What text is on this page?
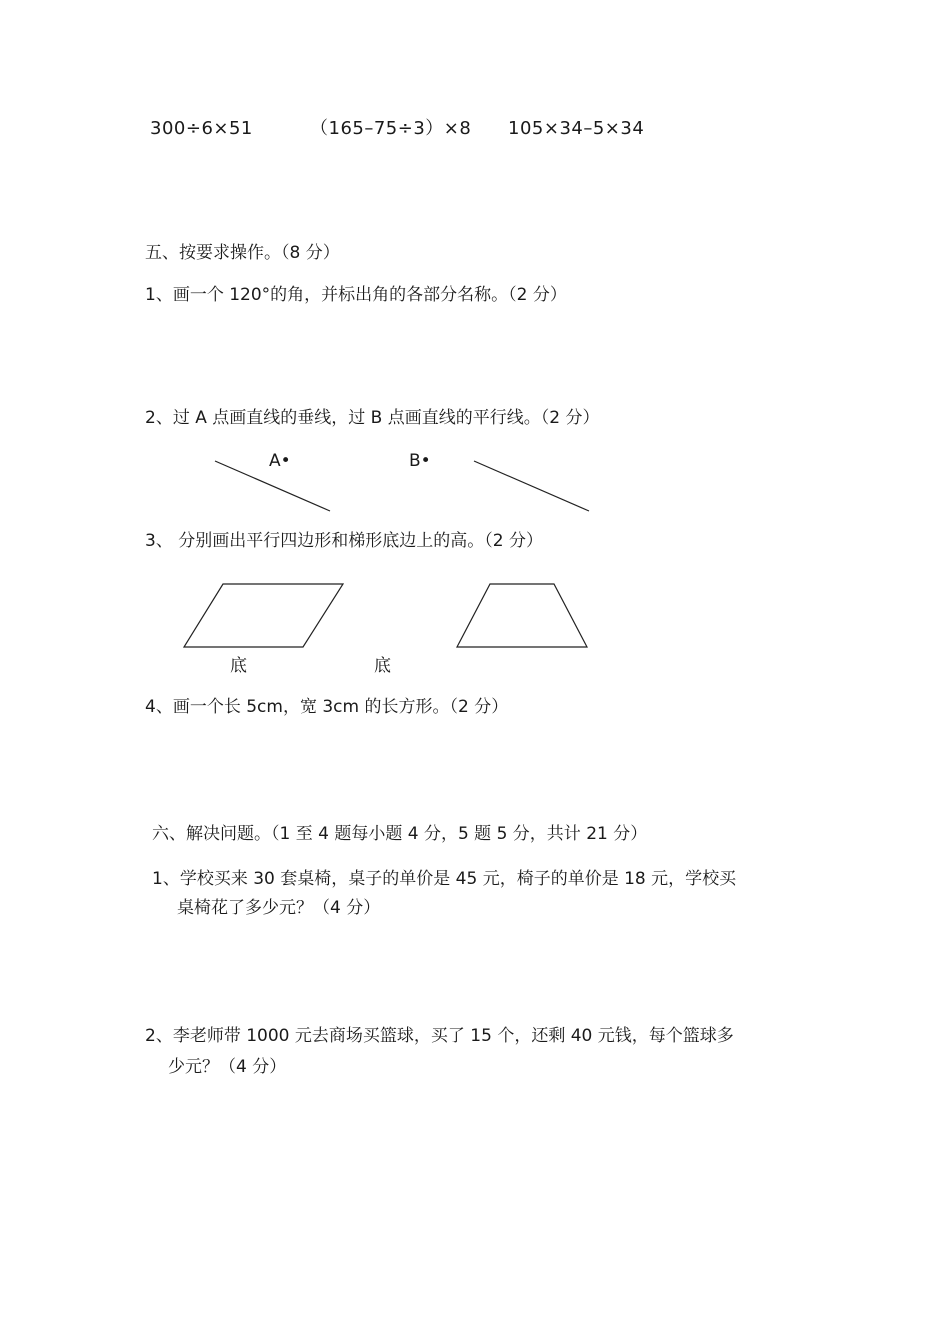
300÷6×51	（165–75÷3）×8 105×34–5×34
五、按要求操作。（8 分）
1、画一个 120°的角，并标出角的各部分名称。（2 分）
2、过 A 点画直线的垂线，过 B 点画直线的平行线。（2 分）
A•	B•
3、 分别画出平行四边形和梯形底边上的高。（2 分）
底	底
4、画一个长 5cm，宽 3cm 的长方形。（2 分）
六、解决问题。（1 至 4 题每小题 4 分，5 题 5 分，共计 21 分）
1、学校买来 30 套桌椅，桌子的单价是 45 元，椅子的单价是 18 元，学校买
桌椅花了多少元？（4 分）
2、李老师带 1000 元去商场买篮球，买了 15 个，还剩 40 元钱，每个篮球多
少元？（4 分）
